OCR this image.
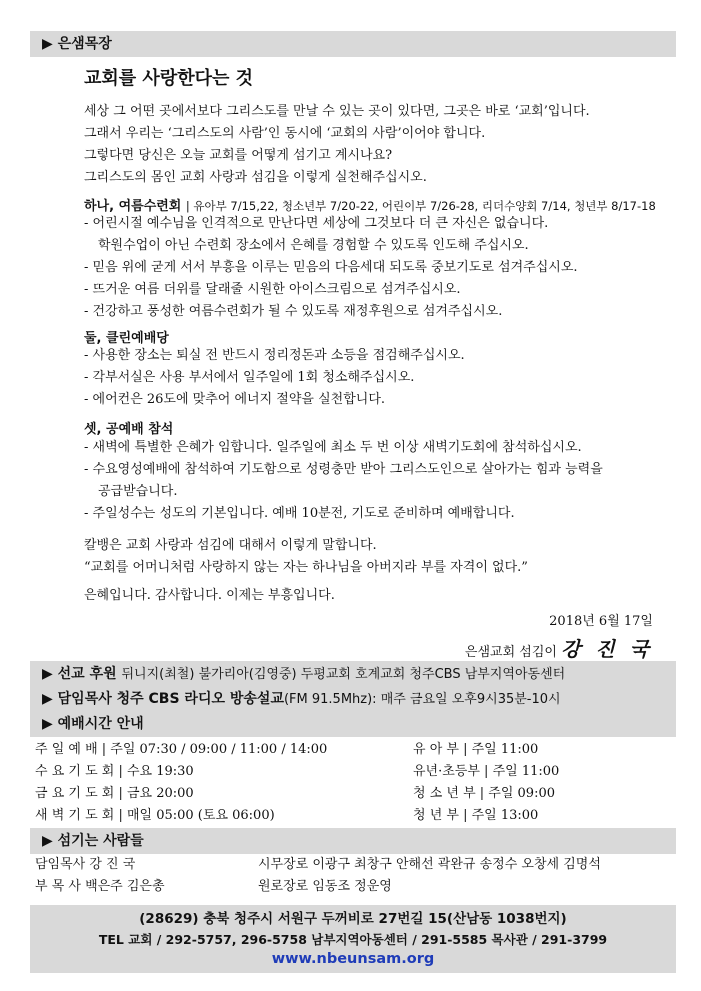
▶ 은샘목장
교회를 사랑한다는 것
세상 그 어떤 곳에서보다 그리스도를 만날 수 있는 곳이 있다면, 그곳은 바로 ‘교회’입니다.
그래서 우리는 ‘그리스도의 사람’인 동시에 ‘교회의 사람’이어야 합니다.
그렇다면 당신은 오늘 교회를 어떻게 섬기고 계시나요?
그리스도의 몸인 교회 사랑과 섬김을 이렇게 실천해주십시오.
하나, 여름수련회 | 유아부 7/15,22, 청소년부 7/20-22, 어린이부 7/26-28, 리더수양회 7/14, 청년부 8/17-18
- 어린시절 예수님을 인격적으로 만난다면 세상에 그것보다 더 큰 자신은 없습니다.
학원수업이 아닌 수련회 장소에서 은혜를 경험할 수 있도록 인도해 주십시오.
- 믿음 위에 굳게 서서 부흥을 이루는 믿음의 다음세대 되도록 중보기도로 섬겨주십시오.
- 뜨거운 여름 더위를 달래줄 시원한 아이스크림으로 섬겨주십시오.
- 건강하고 풍성한 여름수련회가 될 수 있도록 재정후원으로 섬겨주십시오.
둘, 클린예배당
- 사용한 장소는 퇴실 전 반드시 정리정돈과 소등을 점검해주십시오.
- 각부서실은 사용 부서에서 일주일에 1회 청소해주십시오.
- 에어컨은 26도에 맞추어 에너지 절약을 실천합니다.
셋, 공예배 참석
- 새벽에 특별한 은혜가 임합니다. 일주일에 최소 두 번 이상 새벽기도회에 참석하십시오.
- 수요영성예배에 참석하여 기도함으로 성령충만 받아 그리스도인으로 살아가는 힘과 능력을
공급받습니다.
- 주일성수는 성도의 기본입니다. 예배 10분전, 기도로 준비하며 예배합니다.
칼뱅은 교회 사랑과 섬김에 대해서 이렇게 말합니다.
“교회를 어머니처럼 사랑하지 않는 자는 하나님을 아버지라 부를 자격이 없다.”
은혜입니다. 감사합니다. 이제는 부흥입니다.
2018년 6월 17일
은샘교회 섬김이 강 진 국
▶ 선교 후원 뒤니지(최철) 불가리아(김영중) 두평교회 호계교회 청주CBS 남부지역아동센터
▶ 담임목사 청주 CBS 라디오 방송설교(FM 91.5Mhz): 매주 금요일 오후9시35분-10시
▶ 예배시간 안내
주 일 예 배 | 주일 07:30 / 09:00 / 11:00 / 14:00
수 요 기 도 회 | 수요 19:30
금 요 기 도 회 | 금요 20:00
새 벽 기 도 회 | 매일 05:00 (토요 06:00)
유 아 부 | 주일 11:00
유년·초등부 | 주일 11:00
청 소 년 부 | 주일 09:00
청 년 부 | 주일 13:00
▶ 섬기는 사람들
담임목사 강 진 국
부 목 사 백은주 김은총
시무장로 이광구 최창구 안해선 곽완규 송정수 오창세 김명석
원로장로 임동조 정운영
(28629) 충북 청주시 서원구 두꺼비로 27번길 15(산남동 1038번지)
TEL 교회 / 292-5757, 296-5758 남부지역아동센터 / 291-5585 목사관 / 291-3799
www.nbeunsam.org
